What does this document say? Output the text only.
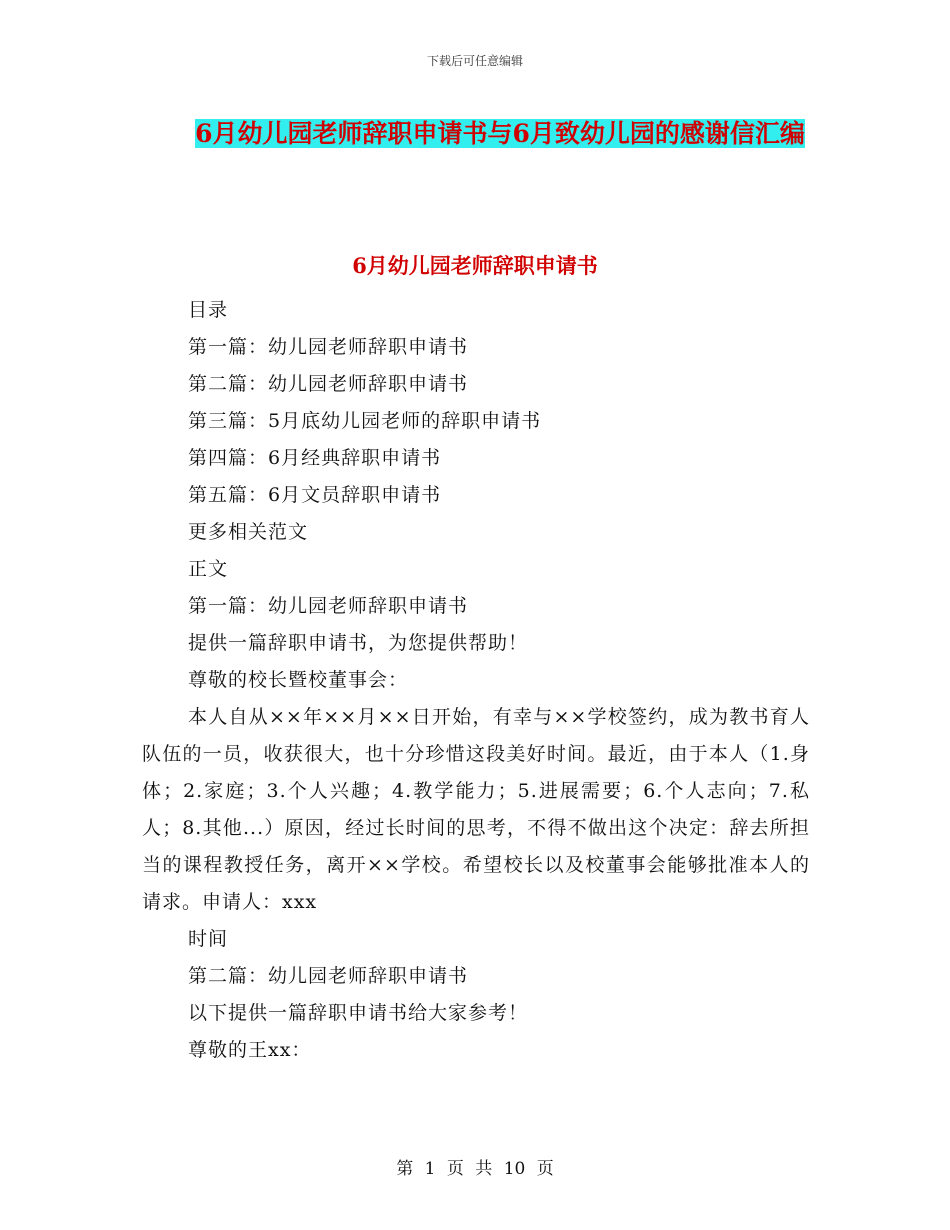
下载后可任意编辑
6月幼儿园老师辞职申请书与6月致幼儿园的感谢信汇编
6月幼儿园老师辞职申请书

目录

第一篇：幼儿园老师辞职申请书

第二篇：幼儿园老师辞职申请书

第三篇：5月底幼儿园老师的辞职申请书

第四篇：6月经典辞职申请书

第五篇：6月文员辞职申请书

更多相关范文

正文

第一篇：幼儿园老师辞职申请书

提供一篇辞职申请书，为您提供帮助！

尊敬的校长暨校董事会：

本人自从××年××月××日开始，有幸与××学校签约，成为教书育人队伍的一员，收获很大，也十分珍惜这段美好时间。最近，由于本人（1.身体；2.家庭；3.个人兴趣；4.教学能力；5.进展需要；6.个人志向；7.私人；8.其他...）原因，经过长时间的思考，不得不做出这个决定：辞去所担当的课程教授任务，离开××学校。希望校长以及校董事会能够批准本人的请求。申请人：xxx

时间

第二篇：幼儿园老师辞职申请书

以下提供一篇辞职申请书给大家参考！

尊敬的王xx：

第 1 页 共 10 页
